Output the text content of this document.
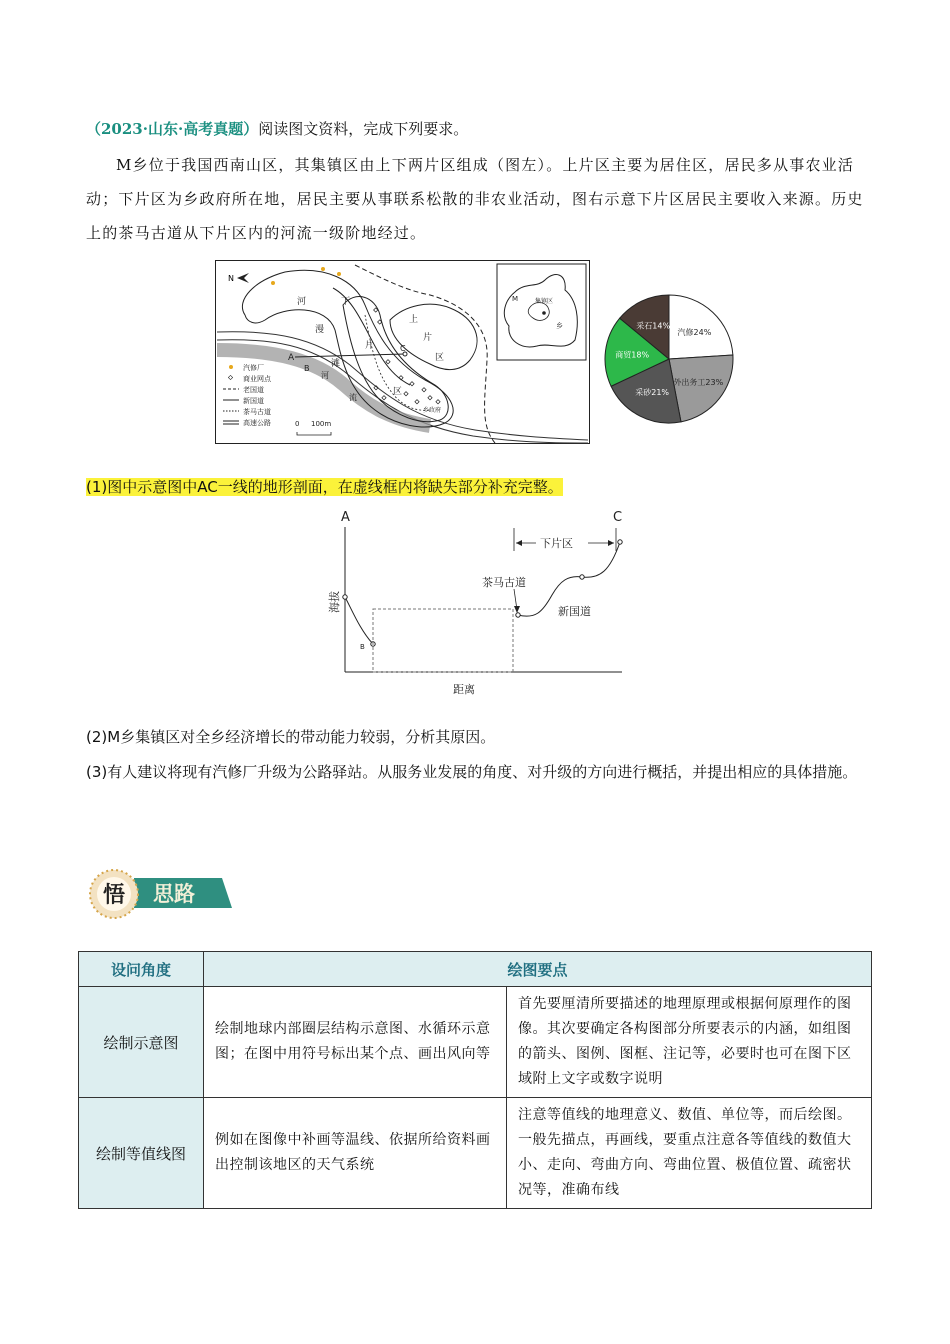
（2023·山东·高考真题）阅读图文资料，完成下列要求。

M乡位于我国西南山区，其集镇区由上下两片区组成（图左）。上片区主要为居住区，居民多从事农业活动；下片区为乡政府所在地，居民主要从事联系松散的非农业活动，图右示意下片区居民主要收入来源。历史上的茶马古道从下片区内的河流一级阶地经过。

N
河
漫
滩
下
片
区
上
片
区
河
流
A
B
C
乡政府
汽修厂
商业网点
老国道
新国道
茶马古道
高速公路	0 100m
M	集镇区
乡
汽修24%
外出务工23%
采砂21%
商贸18%
采石14%

(1)图中示意图中AC一线的地形剖面，在虚线框内将缺失部分补充完整。

A	C
B
海拔
距离
下片区
茶马古道
新国道

(2)M乡集镇区对全乡经济增长的带动能力较弱，分析其原因。

(3)有人建议将现有汽修厂升级为公路驿站。从服务业发展的角度、对升级的方向进行概括，并提出相应的具体措施。

悟 思路
设问角度	绘图要点	
绘制示意图	绘制地球内部圈层结构示意图、水循环示意图；在图中用符号标出某个点、画出风向等	首先要厘清所要描述的地理原理或根据何原理作的图像。其次要确定各构图部分所要表示的内涵，如组图的箭头、图例、图框、注记等，必要时也可在图下区域附上文字或数字说明

绘制等值线图	例如在图像中补画等温线、依据所给资料画出控制该地区的天气系统	注意等值线的地理意义、数值、单位等，而后绘图。一般先描点，再画线，要重点注意各等值线的数值大小、走向、弯曲方向、弯曲位置、极值位置、疏密状况等，准确布线
